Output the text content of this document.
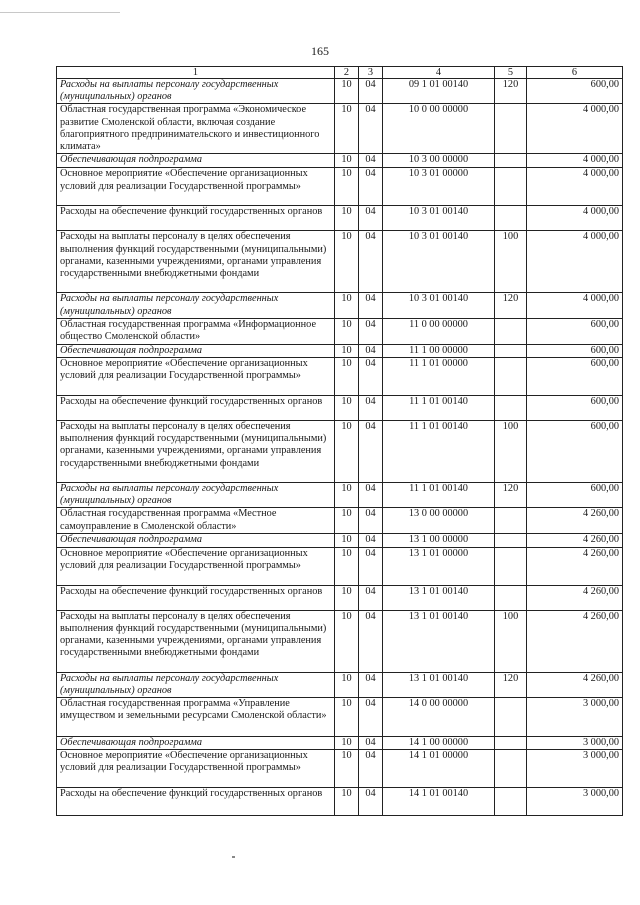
165
1	2	3	4	5	6
Расходы на выплаты персоналу государственных (муниципальных) органов	10	04	09 1 01 00140	120	600,00
Областная государственная программа «Экономическое развитие Смоленской области, включая создание благоприятного предпринимательского и инвестиционного климата»	10	04	10 0 00 00000		4 000,00
Обеспечивающая подпрограмма	10	04	10 3 00 00000		4 000,00
Основное мероприятие «Обеспечение организационных условий для реализации Государственной программы»	10	04	10 3 01 00000		4 000,00
Расходы на обеспечение функций государственных органов	10	04	10 3 01 00140		4 000,00
Расходы на выплаты персоналу в целях обеспечения выполнения функций государственными (муниципальными) органами, казенными учреждениями, органами управления государственными внебюджетными фондами	10	04	10 3 01 00140	100	4 000,00
Расходы на выплаты персоналу государственных (муниципальных) органов	10	04	10 3 01 00140	120	4 000,00
Областная государственная программа «Информационное общество Смоленской области»	10	04	11 0 00 00000		600,00
Обеспечивающая подпрограмма	10	04	11 1 00 00000		600,00
Основное мероприятие «Обеспечение организационных условий для реализации Государственной программы»	10	04	11 1 01 00000		600,00
Расходы на обеспечение функций государственных органов	10	04	11 1 01 00140		600,00
Расходы на выплаты персоналу в целях обеспечения выполнения функций государственными (муниципальными) органами, казенными учреждениями, органами управления государственными внебюджетными фондами	10	04	11 1 01 00140	100	600,00
Расходы на выплаты персоналу государственных (муниципальных) органов	10	04	11 1 01 00140	120	600,00
Областная государственная программа «Местное самоуправление в Смоленской области»	10	04	13 0 00 00000		4 260,00
Обеспечивающая подпрограмма	10	04	13 1 00 00000		4 260,00
Основное мероприятие «Обеспечение организационных условий для реализации Государственной программы»	10	04	13 1 01 00000		4 260,00
Расходы на обеспечение функций государственных органов	10	04	13 1 01 00140		4 260,00
Расходы на выплаты персоналу в целях обеспечения выполнения функций государственными (муниципальными) органами, казенными учреждениями, органами управления государственными внебюджетными фондами	10	04	13 1 01 00140	100	4 260,00
Расходы на выплаты персоналу государственных (муниципальных) органов	10	04	13 1 01 00140	120	4 260,00
Областная государственная программа «Управление имуществом и земельными ресурсами Смоленской области»	10	04	14 0 00 00000		3 000,00
Обеспечивающая подпрограмма	10	04	14 1 00 00000		3 000,00
Основное мероприятие «Обеспечение организационных условий для реализации Государственной программы»	10	04	14 1 01 00000		3 000,00
Расходы на обеспечение функций государственных органов	10	04	14 1 01 00140		3 000,00
